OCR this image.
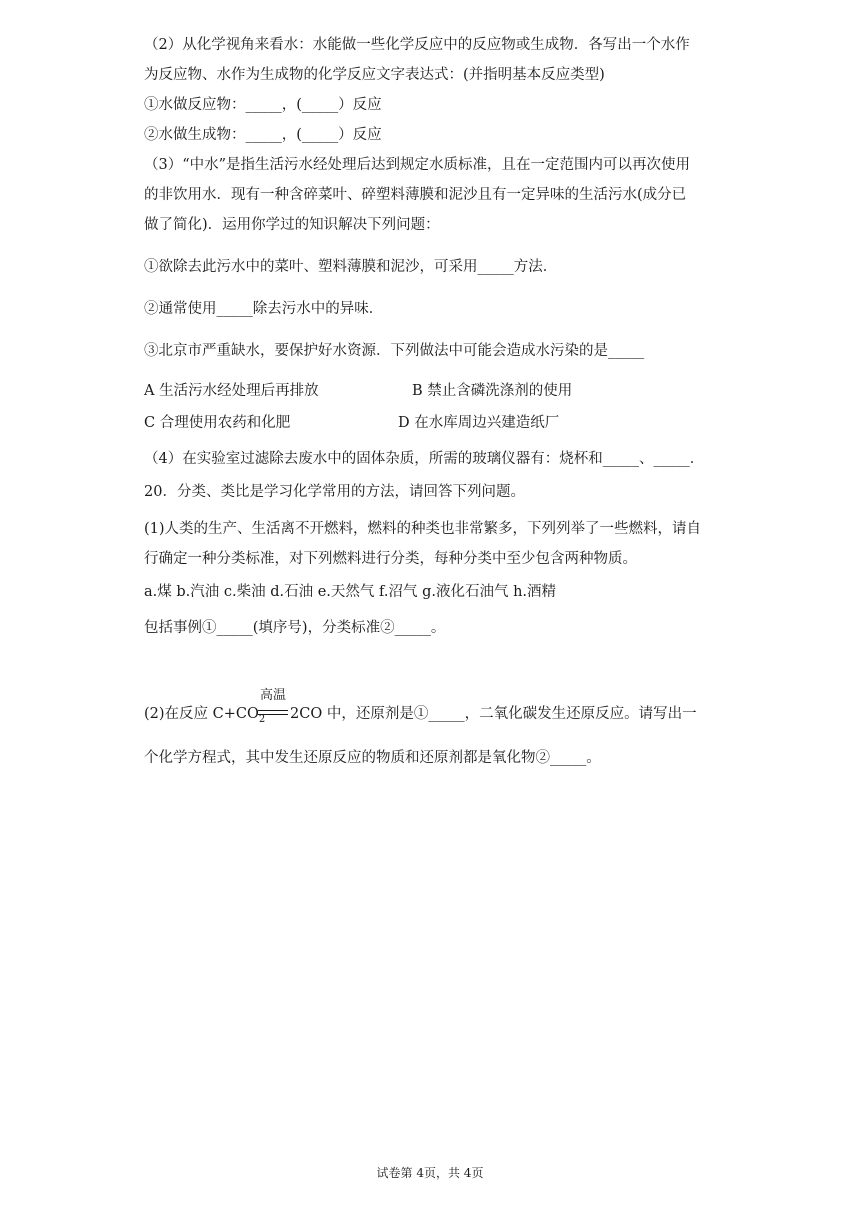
（2）从化学视角来看水：水能做一些化学反应中的反应物或生成物．各写出一个水作
为反应物、水作为生成物的化学反应文字表达式：(并指明基本反应类型)
①水做反应物：_____，(_____）反应
②水做生成物：_____，(_____）反应
（3）“中水”是指生活污水经处理后达到规定水质标准，且在一定范围内可以再次使用
的非饮用水．现有一种含碎菜叶、碎塑料薄膜和泥沙且有一定异味的生活污水(成分已
做了简化)．运用你学过的知识解决下列问题：
①欲除去此污水中的菜叶、塑料薄膜和泥沙，可采用_____方法．
②通常使用_____除去污水中的异味．
③北京市严重缺水，要保护好水资源．下列做法中可能会造成水污染的是_____
A 生活污水经处理后再排放	B 禁止含磷洗涤剂的使用
C 合理使用农药和化肥	D 在水库周边兴建造纸厂
（4）在实验室过滤除去废水中的固体杂质，所需的玻璃仪器有：烧杯和_____、_____．
20．分类、类比是学习化学常用的方法，请回答下列问题。
(1)人类的生产、生活离不开燃料，燃料的种类也非常繁多，下列列举了一些燃料，请自
行确定一种分类标准，对下列燃料进行分类，每种分类中至少包含两种物质。
a.煤 b.汽油 c.柴油 d.石油 e.天然气 f.沼气 g.液化石油气 h.酒精
包括事例①_____(填序号)，分类标准②_____。
(2)在反应 $C+CO_2$
高温
2CO 中，还原剂是①_____，二氧化碳发生还原反应。请写出一
个化学方程式，其中发生还原反应的物质和还原剂都是氧化物②_____。
试卷第 4页，共 4页
